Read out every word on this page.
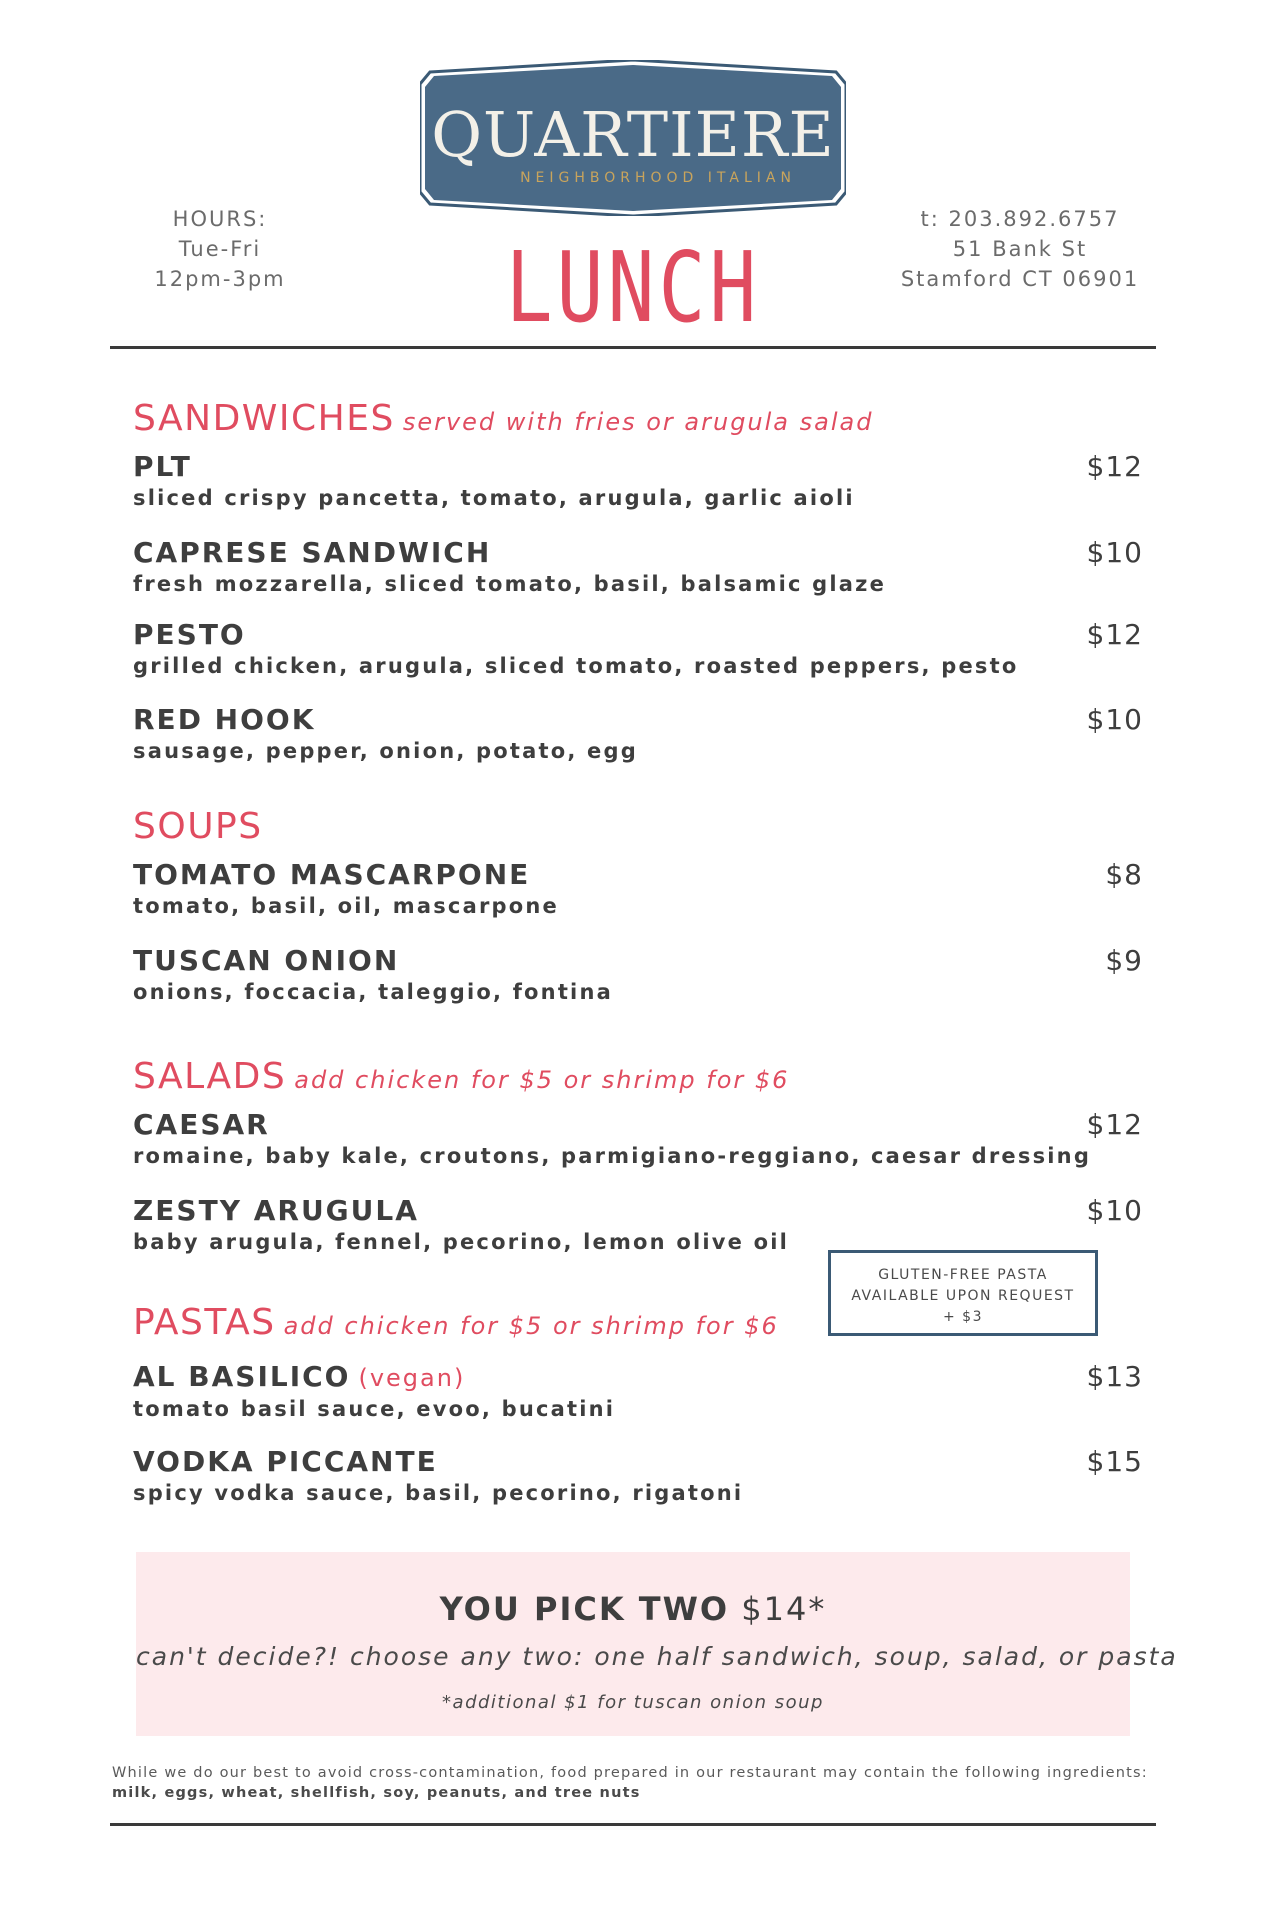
QUARTIERE
NEIGHBORHOOD ITALIAN
HOURS:
Tue-Fri
12pm-3pm	LUNCH
t: 203.892.6757
51 Bank St
Stamford CT 06901
SANDWICHES served with fries or arugula salad
PLT
sliced crispy pancetta, tomato, arugula, garlic aioli
$12
CAPRESE SANDWICH
fresh mozzarella, sliced tomato, basil, balsamic glaze
$10
PESTO
grilled chicken, arugula, sliced tomato, roasted peppers, pesto
$12
RED HOOK
sausage, pepper, onion, potato, egg
$10
SOUPS
TOMATO MASCARPONE
tomato, basil, oil, mascarpone
$8
TUSCAN ONION
onions, foccacia, taleggio, fontina
$9
SALADS add chicken for $5 or shrimp for $6
CAESAR
romaine, baby kale, croutons, parmigiano-reggiano, caesar dressing
$12
ZESTY ARUGULA
baby arugula, fennel, pecorino, lemon olive oil
$10
GLUTEN-FREE PASTA
AVAILABLE UPON REQUEST
+ $3
PASTAS add chicken for $5 or shrimp for $6
AL BASILICO (vegan)
tomato basil sauce, evoo, bucatini
$13
VODKA PICCANTE
spicy vodka sauce, basil, pecorino, rigatoni
$15
YOU PICK TWO $14*
can't decide?! choose any two: one half sandwich, soup, salad, or pasta
*additional $1 for tuscan onion soup
While we do our best to avoid cross-contamination, food prepared in our restaurant may contain the following ingredients:
milk, eggs, wheat, shellfish, soy, peanuts, and tree nuts
